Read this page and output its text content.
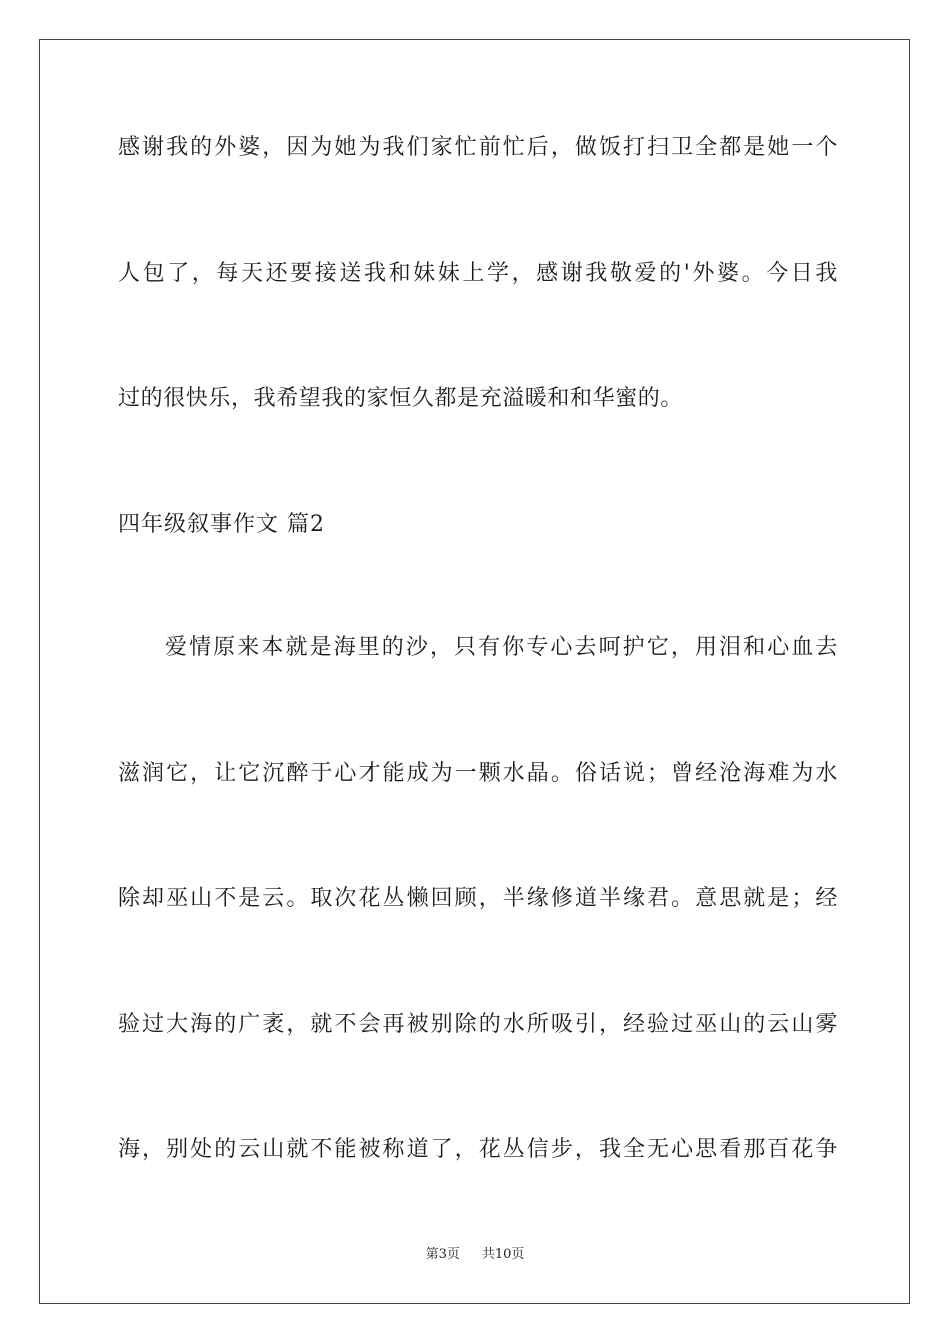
感谢我的外婆，因为她为我们家忙前忙后，做饭打扫卫全都是她一个
人包了，每天还要接送我和妹妹上学，感谢我敬爱的'外婆。今日我
过的很快乐，我希望我的家恒久都是充溢暖和和华蜜的。
四年级叙事作文 篇2
爱情原来本就是海里的沙，只有你专心去呵护它，用泪和心血去
滋润它，让它沉醉于心才能成为一颗水晶。俗话说；曾经沧海难为水
除却巫山不是云。取次花丛懒回顾，半缘修道半缘君。意思就是；经
验过大海的广袤，就不会再被别除的水所吸引，经验过巫山的云山雾
海，别处的云山就不能被称道了，花丛信步，我全无心思看那百花争
第3页 共10页
